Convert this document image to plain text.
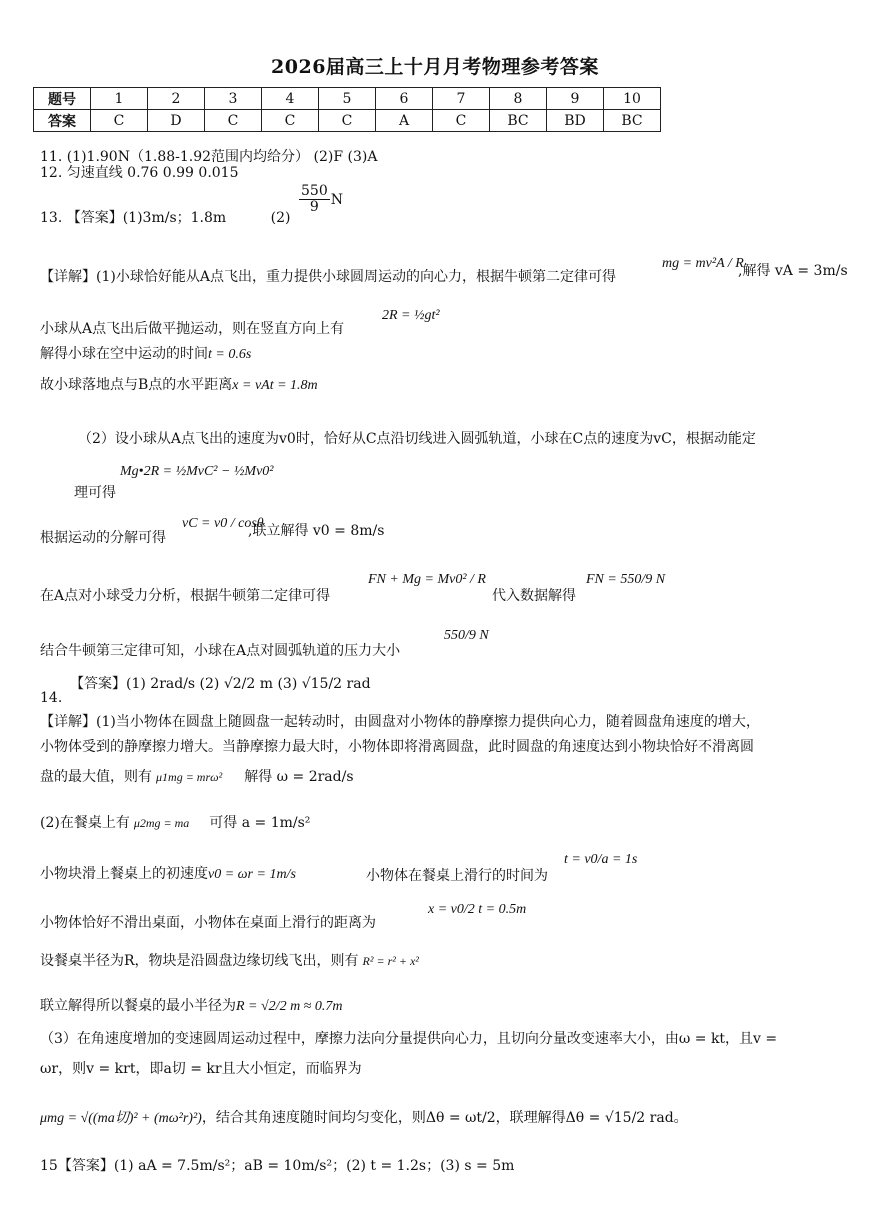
2026届高三上十月月考物理参考答案
题号	1	2	3	4	5	6	7	8	9	10
答案	C	D	C	C	C	A	C	BC	BD	BC
11. (1)1.90N（1.88-1.92范围内均给分） (2)F (3)A
12. 匀速直线 0.76 0.99 0.015
13. 【答案】(1)3m/s；1.8m	(2)
$\frac{550}{9}$ N
【详解】(1)小球恰好能从A点飞出，重力提供小球圆周运动的向心力，根据牛顿第二定律可得
mg = mv²A / R
,解得 vA = 3m/s
小球从A点飞出后做平抛运动，则在竖直方向上有
2R = ½gt²
解得小球在空中运动的时间t = 0.6s
故小球落地点与B点的水平距离x = vAt = 1.8m
（2）设小球从A点飞出的速度为v0时，恰好从C点沿切线进入圆弧轨道，小球在C点的速度为vC，根据动能定
理可得
Mg•2R = ½MvC² − ½Mv0²
根据运动的分解可得
vC = v0 / cosθ
,联立解得 v0 = 8m/s
在A点对小球受力分析，根据牛顿第二定律可得
FN + Mg = Mv0² / R
代入数据解得
FN = 550/9 N
结合牛顿第三定律可知，小球在A点对圆弧轨道的压力大小
550/9 N
【答案】(1) 2rad/s (2) √2/2 m (3) √15/2 rad
14.
【详解】(1)当小物体在圆盘上随圆盘一起转动时，由圆盘对小物体的静摩擦力提供向心力，随着圆盘角速度的增大，
小物体受到的静摩擦力增大。当静摩擦力最大时，小物体即将滑离圆盘，此时圆盘的角速度达到小物块恰好不滑离圆
盘的最大值，则有 μ1mg = mrω² 解得 ω = 2rad/s
(2)在餐桌上有 μ2mg = ma 可得 a = 1m/s²
小物块滑上餐桌上的初速度v0 = ωr = 1m/s	小物体在餐桌上滑行的时间为
t = v0/a = 1s
小物体恰好不滑出桌面，小物体在桌面上滑行的距离为
x = v0/2 t = 0.5m
设餐桌半径为R，物块是沿圆盘边缘切线飞出，则有 R² = r² + x²
联立解得所以餐桌的最小半径为R = √2/2 m ≈ 0.7m
（3）在角速度增加的变速圆周运动过程中，摩擦力法向分量提供向心力，且切向分量改变速率大小，由ω = kt，且v =
ωr，则v = krt，即a切 = kr且大小恒定，而临界为
μmg = √((ma切)² + (mω²r)²)，结合其角速度随时间均匀变化，则Δθ = ωt/2，联理解得Δθ = √15/2 rad。
15【答案】(1) aA = 7.5m/s²；aB = 10m/s²；(2) t = 1.2s；(3) s = 5m
